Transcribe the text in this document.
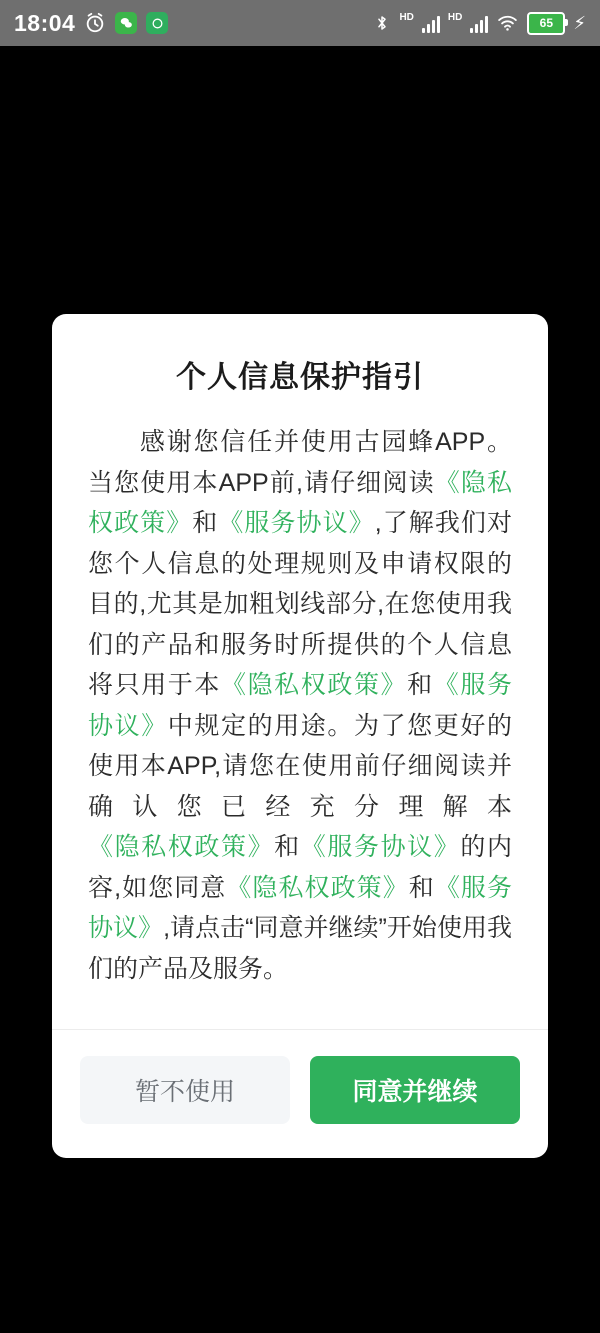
18:04	HD	HD	65 ⚡
个人信息保护指引
感谢您信任并使用古园蜂APP。当您使用本APP前,请仔细阅读《隐私权政策》和《服务协议》,了解我们对您个人信息的处理规则及申请权限的目的,尤其是加粗划线部分,在您使用我们的产品和服务时所提供的个人信息将只用于本《隐私权政策》和《服务协议》中规定的用途。为了您更好的使用本APP,请您在使用前仔细阅读并确认您已经充分理解本《隐私权政策》和《服务协议》的内容,如您同意《隐私权政策》和《服务协议》,请点击“同意并继续”开始使用我们的产品及服务。
暂不使用	同意并继续
